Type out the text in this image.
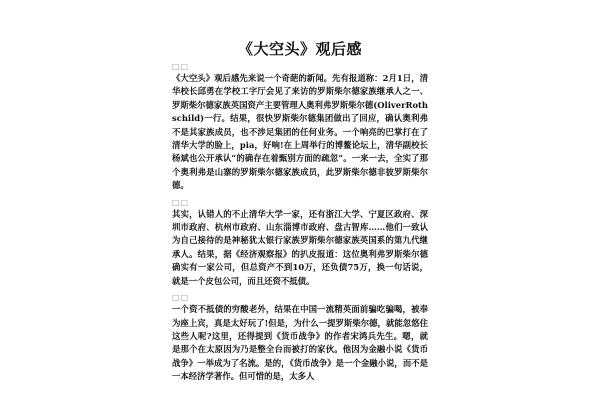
《大空头》观后感
□□

《大空头》观后感先来说一个奇葩的新闻。先有报道称：2月1日，清华校长邱勇在学校工字厅会见了来访的罗斯柴尔德家族继承人之一、罗斯柴尔德家族英国资产主要管理人奥利弗罗斯柴尔德(OliverRothschild)一行。结果，很快罗斯柴尔德集团做出了回应，确认奥利弗不是其家族成员，也不涉足集团的任何业务。一个响亮的巴掌打在了清华大学的脸上，pia，好响!在上周举行的博鳌论坛上，清华副校长杨斌也公开承认“的确存在着甄别方面的疏忽”。一来一去，全实了那个奥利弗是山寨的罗斯柴尔德家族成员，此罗斯柴尔德非彼罗斯柴尔德。

□□

其实，认错人的不止清华大学一家，还有浙江大学、宁夏区政府、深圳市政府、杭州市政府、山东淄博市政府、盘古智库……他们一致认为自己接待的是神秘犹太银行家族罗斯柴尔德家族英国系的第九代继承人。结果，据《经济观察报》的扒皮报道：这位奥利弗罗斯柴尔德确实有一家公司，但总资产不到10万，还负债75万，换一句话说，就是一个皮包公司，而且还资不抵债。

□□

一个资不抵债的穷酸老外，结果在中国一流精英面前骗吃骗喝，被奉为座上宾，真是太好玩了!但是，为什么一提罗斯柴尔德，就能忽悠住这些人呢?这里，还得提到《货币战争》的作者宋鸿兵先生。嗯，就是那个在太原因为乃是整全台而被打的家伙。他因为金融小说《货币战争》一举成为了名流。是的，《货币战争》是一个金融小说，而不是一本经济学著作。但可惜的是，太多人
